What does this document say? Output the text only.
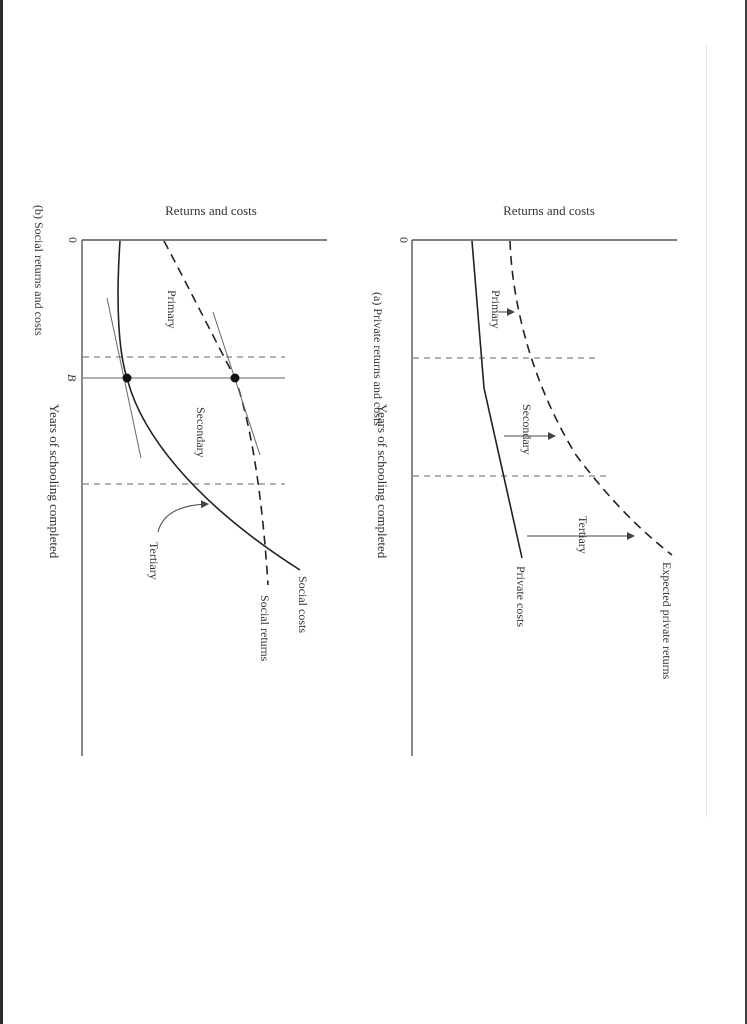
Returns and costs
0
(a) Private returns and costs
Years of schooling completed
Primary
Secondary
Tertiary
Private costs	Expected private returns
Returns and costs
0
(b) Social returns and costs
B
Years of schooling completed
Primary
Secondary
Tertiary
Social returns Social costs
